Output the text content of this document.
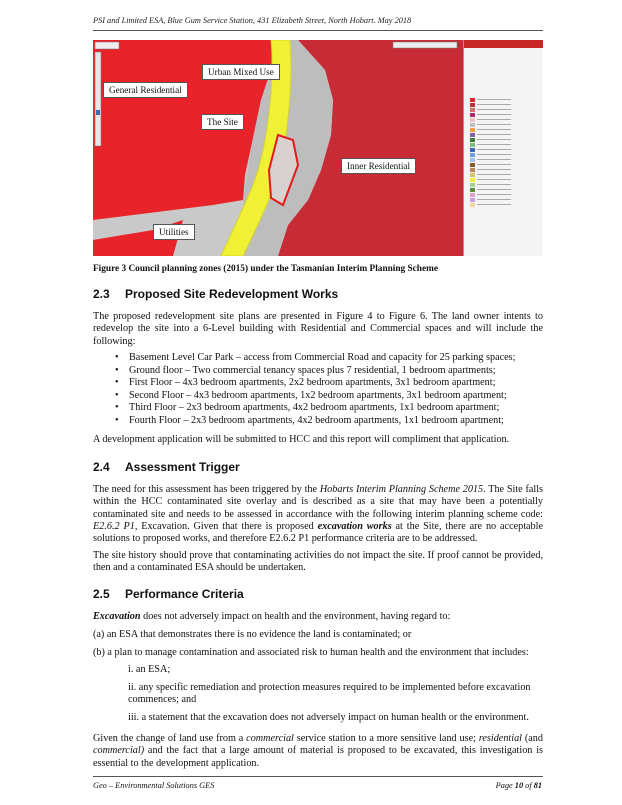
PSI and Limited ESA, Blue Gum Service Station, 431 Elizabeth Street, North Hobart. May 2018
Urban Mixed Use
General Residential
The Site
Inner Residential
Utilities
Figure 3 Council planning zones (2015) under the Tasmanian Interim Planning Scheme
2.3 Proposed Site Redevelopment Works

The proposed redevelopment site plans are presented in Figure 4 to Figure 6. The land owner intents to redevelop the site into a 6-Level building with Residential and Commercial spaces and will include the following:

• Basement Level Car Park – access from Commercial Road and capacity for 25 parking spaces;
• Ground floor – Two commercial tenancy spaces plus 7 residential, 1 bedroom apartments;
• First Floor – 4x3 bedroom apartments, 2x2 bedroom apartments, 3x1 bedroom apartment;
• Second Floor – 4x3 bedroom apartments, 1x2 bedroom apartments, 3x1 bedroom apartment;
• Third Floor – 2x3 bedroom apartments, 4x2 bedroom apartments, 1x1 bedroom apartment;
• Fourth Floor – 2x3 bedroom apartments, 4x2 bedroom apartments, 1x1 bedroom apartment;

A development application will be submitted to HCC and this report will compliment that application.

2.4 Assessment Trigger

The need for this assessment has been triggered by the Hobarts Interim Planning Scheme 2015. The Site falls within the HCC contaminated site overlay and is described as a site that may have been a potentially contaminated site and needs to be assessed in accordance with the following interim planning scheme code: E2.6.2 P1, Excavation. Given that there is proposed excavation works at the Site, there are no acceptable solutions to proposed works, and therefore E2.6.2 P1 performance criteria are to be addressed.

The site history should prove that contaminating activities do not impact the site. If proof cannot be provided, then and a contaminated ESA should be undertaken.

2.5 Performance Criteria
Excavation does not adversely impact on health and the environment, having regard to:
(a) an ESA that demonstrates there is no evidence the land is contaminated; or
(b) a plan to manage contamination and associated risk to human health and the environment that includes:
i. an ESA;
ii. any specific remediation and protection measures required to be implemented before excavation commences; and
iii. a statement that the excavation does not adversely impact on human health or the environment.

Given the change of land use from a commercial service station to a more sensitive land use; residential (and commercial) and the fact that a large amount of material is proposed to be excavated, this investigation is essential to the development application.

Geo – Environmental Solutions GES	Page 10 of 81
